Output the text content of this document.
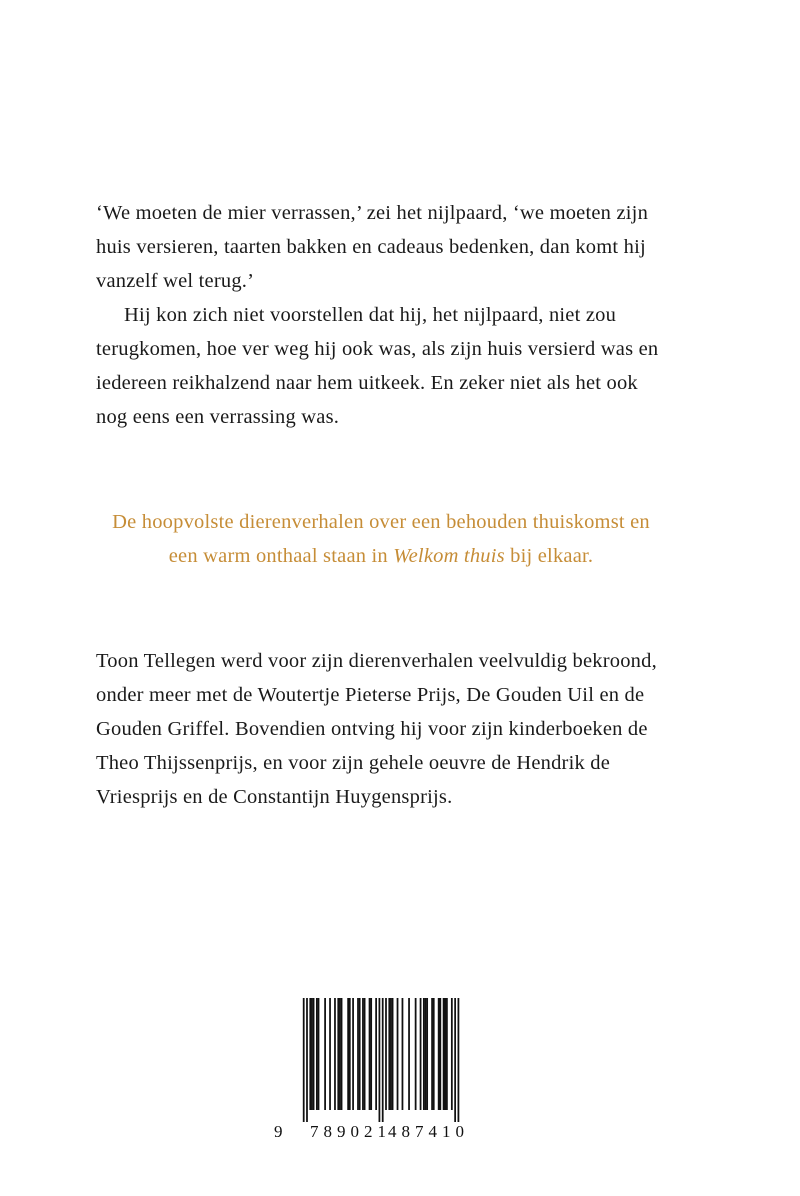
‘We moeten de mier verrassen,’ zei het nijlpaard, ‘we moeten zijn huis versieren, taarten bakken en cadeaus bedenken, dan komt hij vanzelf wel terug.’

Hij kon zich niet voorstellen dat hij, het nijlpaard, niet zou terugkomen, hoe ver weg hij ook was, als zijn huis versierd was en iedereen reikhalzend naar hem uitkeek. En zeker niet als het ook nog eens een verrassing was.

De hoopvolste dierenverhalen over een behouden thuiskomst en een warm onthaal staan in Welkom thuis bij elkaar.

Toon Tellegen werd voor zijn dierenverhalen veelvuldig bekroond, onder meer met de Woutertje Pieterse Prijs, De Gouden Uil en de Gouden Griffel. Bovendien ontving hij voor zijn kinderboeken de Theo Thijssenprijs, en voor zijn gehele oeuvre de Hendrik de Vriesprijs en de Constantijn Huygensprijs.

9 789021
487410
